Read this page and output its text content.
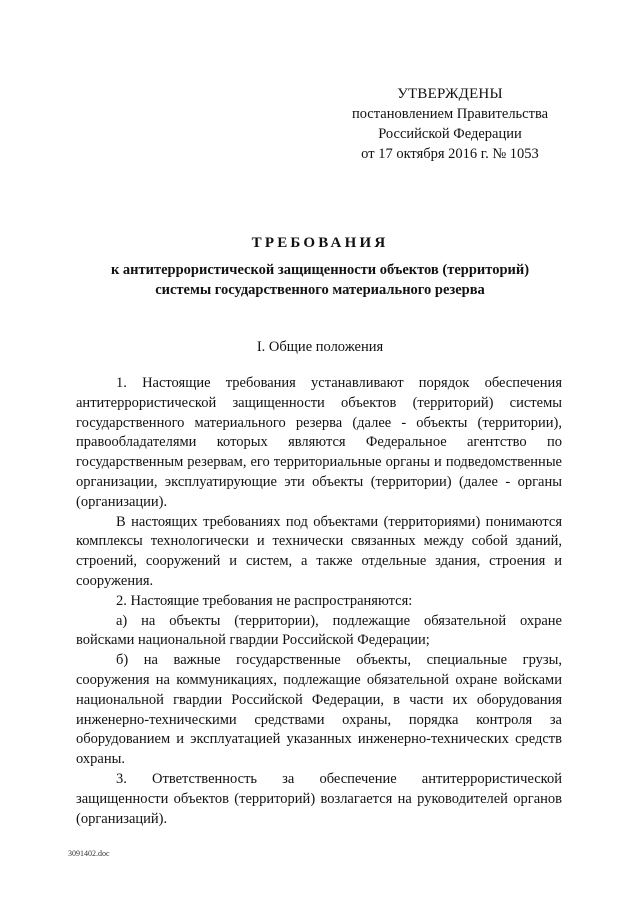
УТВЕРЖДЕНЫ
постановлением Правительства
Российской Федерации
от 17 октября 2016 г. № 1053
ТРЕБОВАНИЯ
к антитеррористической защищенности объектов (территорий)
системы государственного материального резерва
I. Общие положения

1. Настоящие требования устанавливают порядок обеспечения антитеррористической защищенности объектов (территорий) системы государственного материального резерва (далее - объекты (территории), правообладателями которых являются Федеральное агентство по государственным резервам, его территориальные органы и подведомственные организации, эксплуатирующие эти объекты (территории) (далее - органы (организации).

В настоящих требованиях под объектами (территориями) понимаются комплексы технологически и технически связанных между собой зданий, строений, сооружений и систем, а также отдельные здания, строения и сооружения.

2. Настоящие требования не распространяются:

а) на объекты (территории), подлежащие обязательной охране войсками национальной гвардии Российской Федерации;

б) на важные государственные объекты, специальные грузы, сооружения на коммуникациях, подлежащие обязательной охране войсками национальной гвардии Российской Федерации, в части их оборудования инженерно-техническими средствами охраны, порядка контроля за оборудованием и эксплуатацией указанных инженерно-технических средств охраны.

3. Ответственность за обеспечение антитеррористической защищенности объектов (территорий) возлагается на руководителей органов (организаций).

3091402.doc
